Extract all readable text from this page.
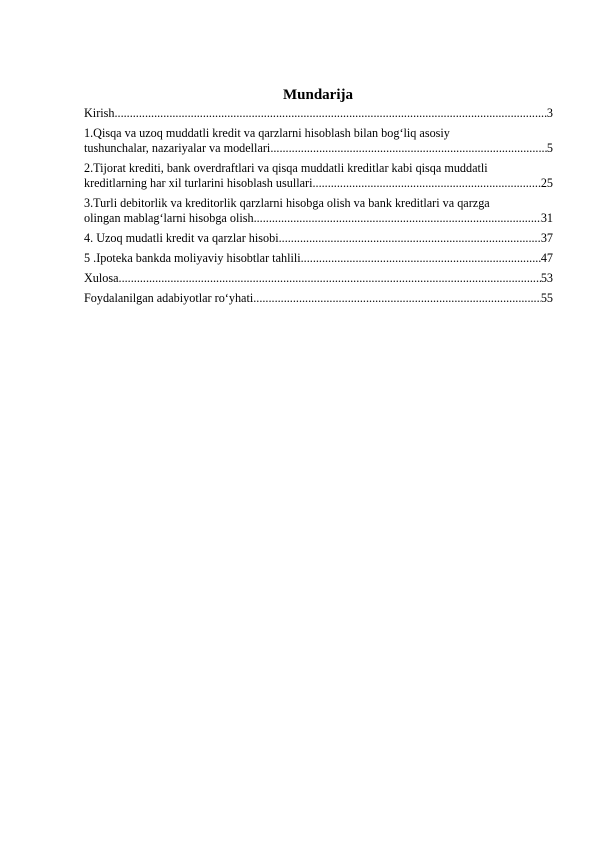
Mundarija
Kirish .....	3
1.Qisqa va uzoq muddatli kredit va qarzlarni hisoblash bilan bog‘liq asosiy
tushunchalar, nazariyalar va modellari .....	5
2.Tijorat krediti, bank overdraftlari va qisqa muddatli kreditlar kabi qisqa muddatli
kreditlarning har xil turlarini hisoblash usullari .....	25
3.Turli debitorlik va kreditorlik qarzlarni hisobga olish va bank kreditlari va qarzga
olingan mablag‘larni hisobga olish .....	31
4. Uzoq mudatli kredit va qarzlar hisobi .....	37
5 .Ipoteka bankda moliyaviy hisobtlar tahlili .....	47
Xulosa .....	53
Foydalanilgan adabiyotlar ro‘yhati .....	55
